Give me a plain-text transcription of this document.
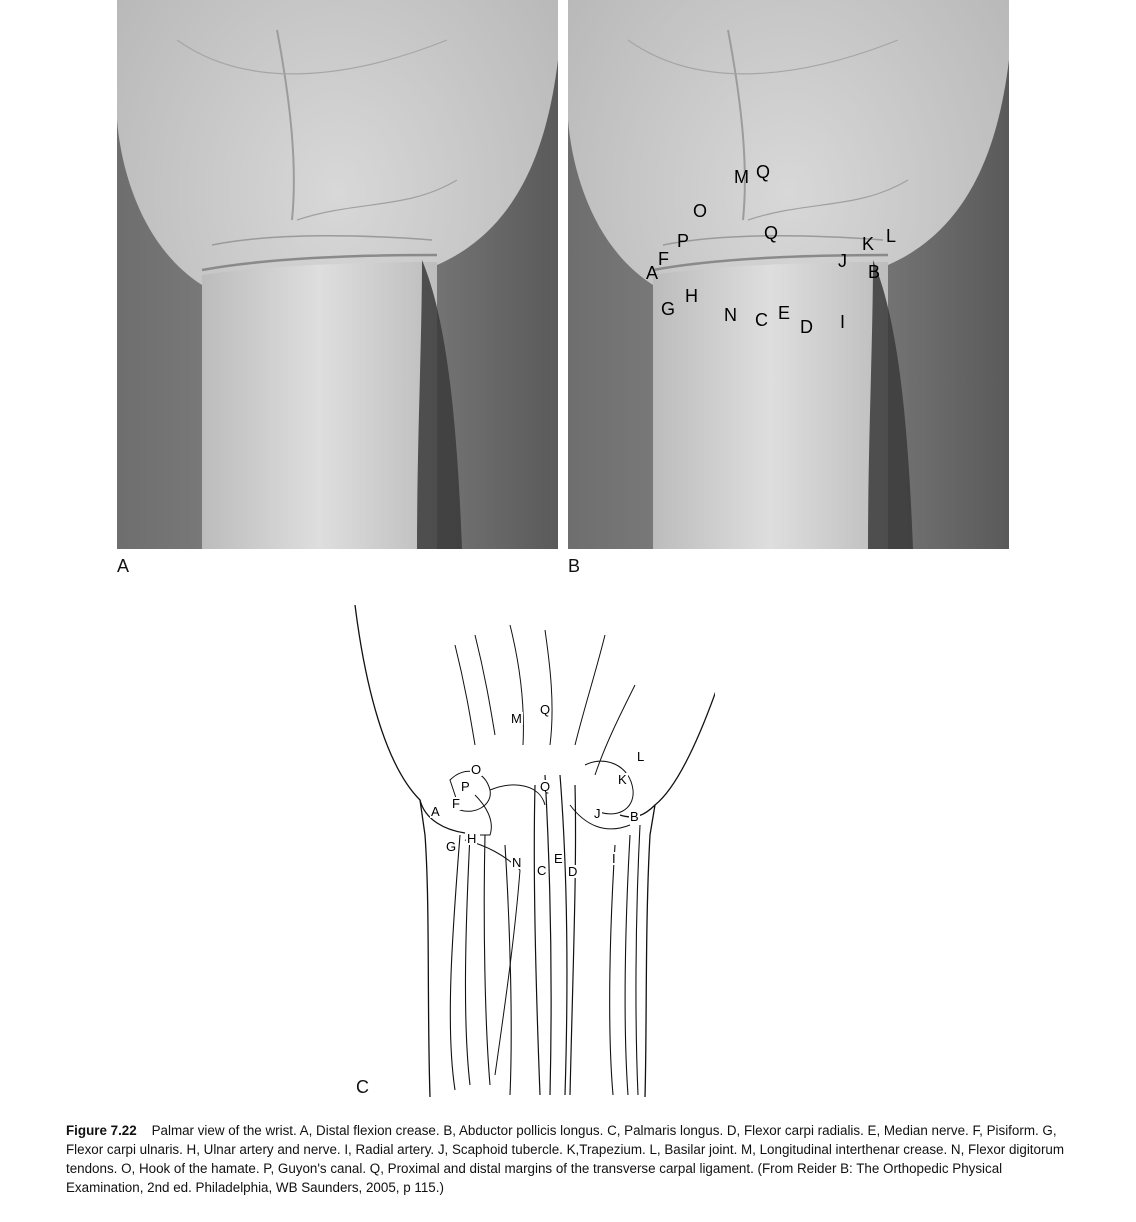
M Q
O
Q
P	K L
F	J
A	B
H
G	N C E
D I
A	B
M
Q
O
L
P	K
Q
F
A	J B
H
G
N
C
E
D
I
C
Figure 7.22 Palmar view of the wrist. A, Distal flexion crease. B, Abductor pollicis longus. C, Palmaris longus. D, Flexor carpi radialis. E, Median nerve. F, Pisiform. G, Flexor carpi ulnaris. H, Ulnar artery and nerve. I, Radial artery. J, Scaphoid tubercle. K,Trapezium. L, Basilar joint. M, Longitudinal interthenar crease. N, Flexor digitorum tendons. O, Hook of the hamate. P, Guyon's canal. Q, Proximal and distal margins of the transverse carpal ligament. (From Reider B: The Orthopedic Physical Examination, 2nd ed. Philadelphia, WB Saunders, 2005, p 115.)
